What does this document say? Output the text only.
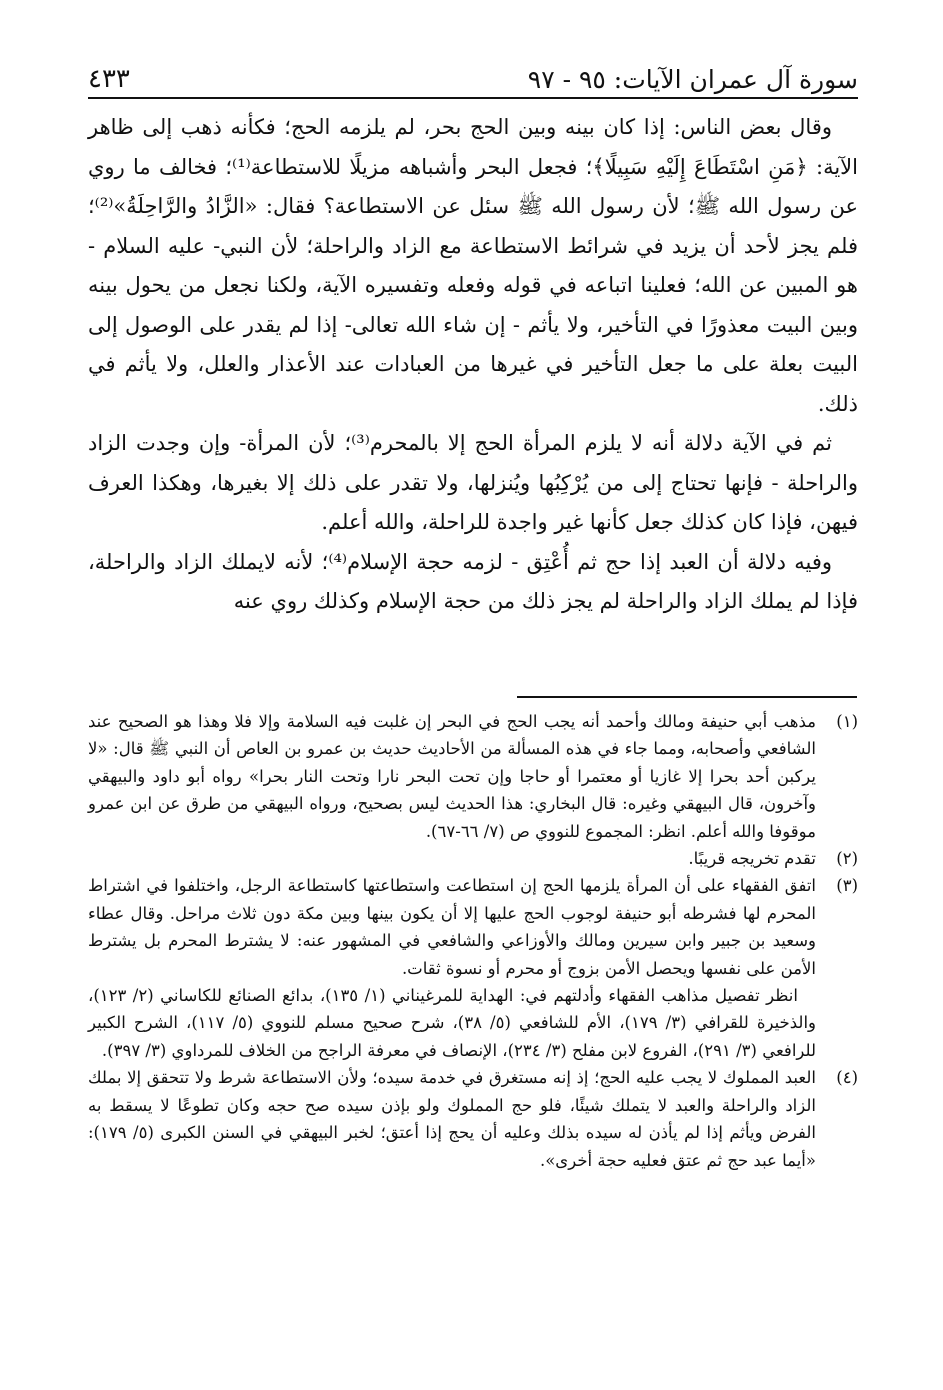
سورة آل عمران الآيات: ٩٥ - ٩٧
٤٣٣

وقال بعض الناس: إذا كان بينه وبين الحج بحر، لم يلزمه الحج؛ فكأنه ذهب إلى ظاهر الآية: ﴿مَنِ اسْتَطَاعَ إِلَيْهِ سَبِيلًا﴾؛ فجعل البحر وأشباهه مزيلًا للاستطاعة⁽¹⁾؛ فخالف ما روي عن رسول الله ﷺ؛ لأن رسول الله ﷺ سئل عن الاستطاعة؟ فقال: «الزَّادُ والرَّاحِلَةُ»⁽²⁾؛ فلم يجز لأحد أن يزيد في شرائط الاستطاعة مع الزاد والراحلة؛ لأن النبي- عليه السلام - هو المبين عن الله؛ فعلينا اتباعه في قوله وفعله وتفسيره الآية، ولكنا نجعل من يحول بينه وبين البيت معذورًا في التأخير، ولا يأثم - إن شاء الله تعالى- إذا لم يقدر على الوصول إلى البيت بعلة على ما جعل التأخير في غيرها من العبادات عند الأعذار والعلل، ولا يأثم في ذلك.

ثم في الآية دلالة أنه لا يلزم المرأة الحج إلا بالمحرم⁽³⁾؛ لأن المرأة- وإن وجدت الزاد والراحلة - فإنها تحتاج إلى من يُرْكِبُها ويُنزلها، ولا تقدر على ذلك إلا بغيرها، وهكذا العرف فيهن، فإذا كان كذلك جعل كأنها غير واجدة للراحلة، والله أعلم.

وفيه دلالة أن العبد إذا حج ثم أُعْتِق - لزمه حجة الإسلام⁽⁴⁾؛ لأنه لايملك الزاد والراحلة، فإذا لم يملك الزاد والراحلة لم يجز ذلك من حجة الإسلام وكذلك روي عنه

(١)
مذهب أبي حنيفة ومالك وأحمد أنه يجب الحج في البحر إن غلبت فيه السلامة وإلا فلا وهذا هو الصحيح عند الشافعي وأصحابه، ومما جاء في هذه المسألة من الأحاديث حديث بن عمرو بن العاص أن النبي ﷺ قال: «لا يركبن أحد بحرا إلا غازيا أو معتمرا أو حاجا وإن تحت البحر نارا وتحت النار بحرا» رواه أبو داود والبيهقي وآخرون، قال البيهقي وغيره: قال البخاري: هذا الحديث ليس بصحيح، ورواه البيهقي من طرق عن ابن عمرو موقوفا والله أعلم. انظر: المجموع للنووي ص (٧/ ٦٦-٦٧).
(٢)
تقدم تخريجه قريبًا.
(٣)
اتفق الفقهاء على أن المرأة يلزمها الحج إن استطاعت واستطاعتها كاستطاعة الرجل، واختلفوا في اشتراط المحرم لها فشرطه أبو حنيفة لوجوب الحج عليها إلا أن يكون بينها وبين مكة دون ثلاث مراحل. وقال عطاء وسعيد بن جبير وابن سيرين ومالك والأوزاعي والشافعي في المشهور عنه: لا يشترط المحرم بل يشترط الأمن على نفسها ويحصل الأمن بزوج أو محرم أو نسوة ثقات.
انظر تفصيل مذاهب الفقهاء وأدلتهم في: الهداية للمرغيناني (١/ ١٣٥)، بدائع الصنائع للكاساني (٢/ ١٢٣)، والذخيرة للقرافي (٣/ ١٧٩)، الأم للشافعي (٥/ ٣٨)، شرح صحيح مسلم للنووي (٥/ ١١٧)، الشرح الكبير للرافعي (٣/ ٢٩١)، الفروع لابن مفلح (٣/ ٢٣٤)، الإنصاف في معرفة الراجح من الخلاف للمرداوي (٣/ ٣٩٧).
(٤)
العبد المملوك لا يجب عليه الحج؛ إذ إنه مستغرق في خدمة سيده؛ ولأن الاستطاعة شرط ولا تتحقق إلا بملك الزاد والراحلة والعبد لا يتملك شيئًا، فلو حج المملوك ولو بإذن سيده صح حجه وكان تطوعًا لا يسقط به الفرض ويأثم إذا لم يأذن له سيده بذلك وعليه أن يحج إذا أعتق؛ لخبر البيهقي في السنن الكبرى (٥/ ١٧٩): «أيما عبد حج ثم عتق فعليه حجة أخرى».
